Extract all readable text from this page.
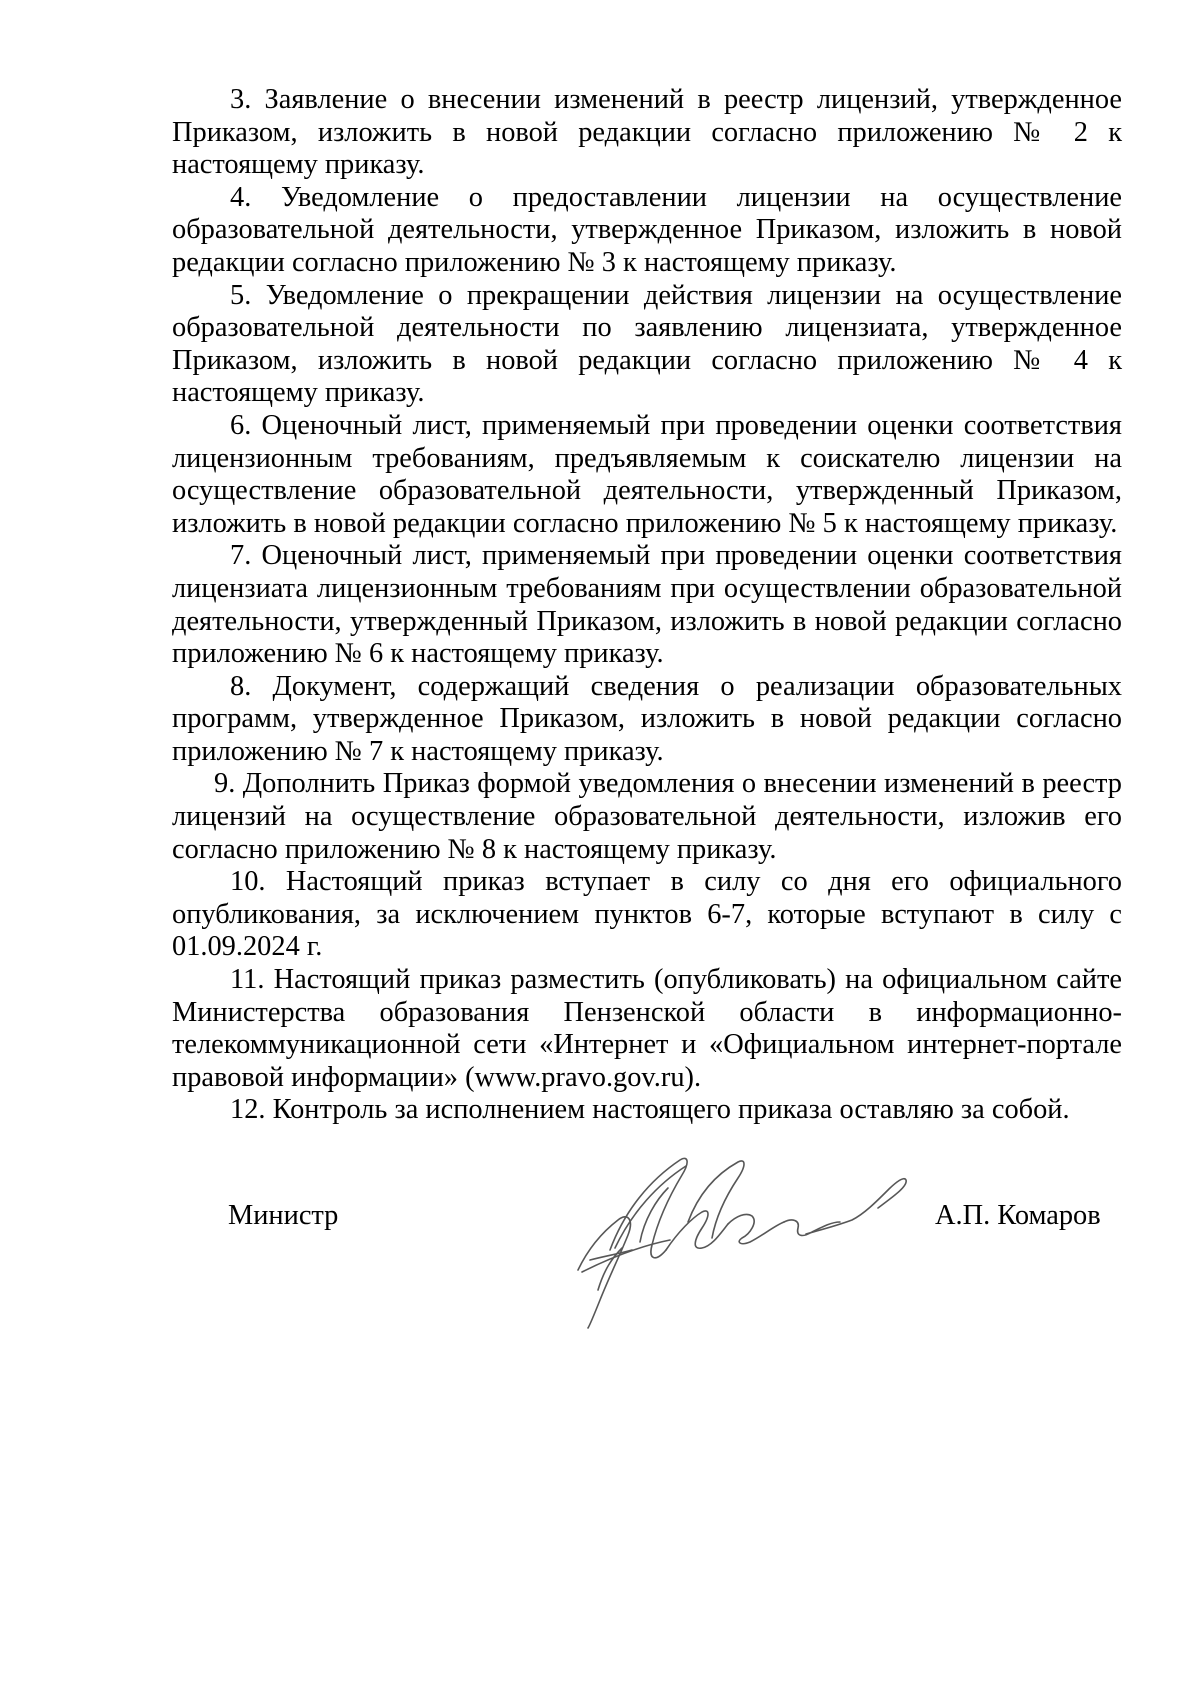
3. Заявление о внесении изменений в реестр лицензий, утвержденное Приказом, изложить в новой редакции согласно приложению № 2 к настоящему приказу.

4. Уведомление о предоставлении лицензии на осуществление образовательной деятельности, утвержденное Приказом, изложить в новой редакции согласно приложению № 3 к настоящему приказу.

5. Уведомление о прекращении действия лицензии на осуществление образовательной деятельности по заявлению лицензиата, утвержденное Приказом, изложить в новой редакции согласно приложению № 4 к настоящему приказу.

6. Оценочный лист, применяемый при проведении оценки соответствия лицензионным требованиям, предъявляемым к соискателю лицензии на осуществление образовательной деятельности, утвержденный Приказом, изложить в новой редакции согласно приложению № 5 к настоящему приказу.

7. Оценочный лист, применяемый при проведении оценки соответствия лицензиата лицензионным требованиям при осуществлении образовательной деятельности, утвержденный Приказом, изложить в новой редакции согласно приложению № 6 к настоящему приказу.

8. Документ, содержащий сведения о реализации образовательных программ, утвержденное Приказом, изложить в новой редакции согласно приложению № 7 к настоящему приказу.

9. Дополнить Приказ формой уведомления о внесении изменений в реестр лицензий на осуществление образовательной деятельности, изложив его согласно приложению № 8 к настоящему приказу.

10. Настоящий приказ вступает в силу со дня его официального опубликования, за исключением пунктов 6-7, которые вступают в силу с 01.09.2024 г.

11. Настоящий приказ разместить (опубликовать) на официальном сайте Министерства образования Пензенской области в информационно-телекоммуникационной сети «Интернет и «Официальном интернет-портале правовой информации» (www.pravo.gov.ru).

12. Контроль за исполнением настоящего приказа оставляю за собой.

Министр	А.П. Комаров
